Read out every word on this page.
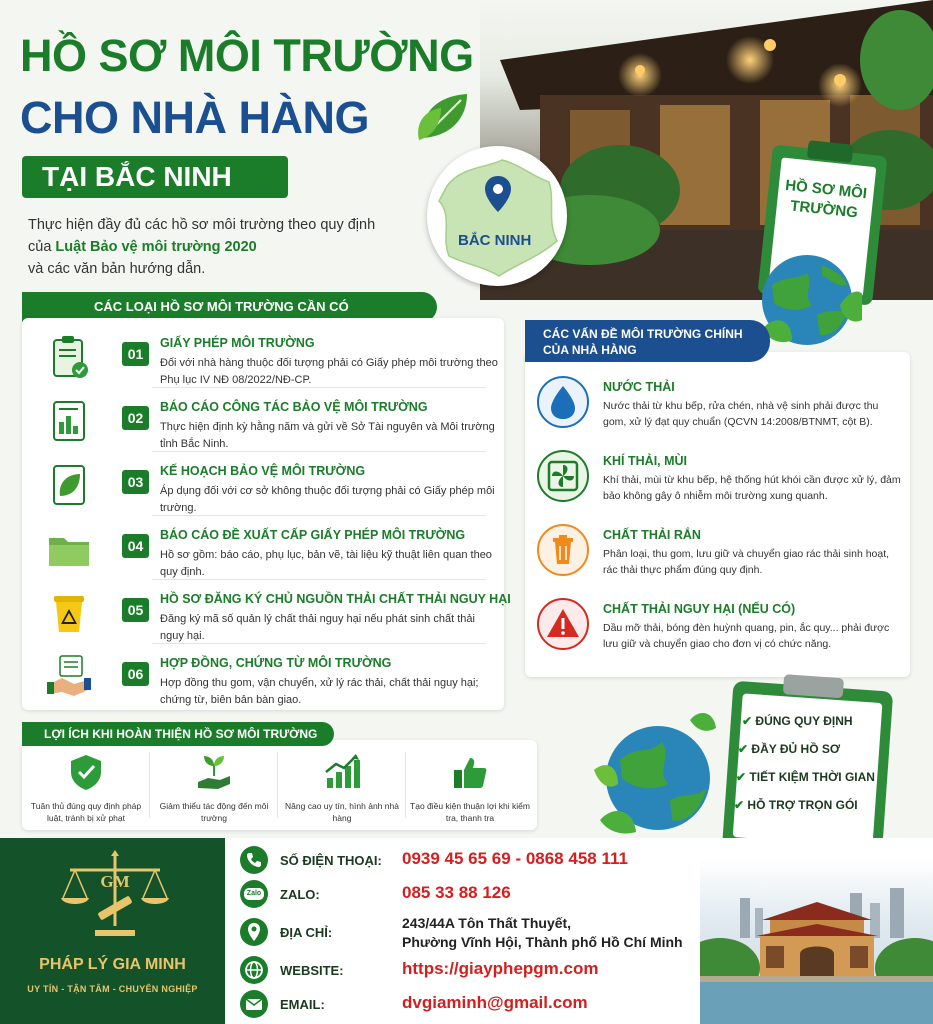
HỒ SƠ MÔI TRƯỜNG
CHO NHÀ HÀNG
TẠI BẮC NINH
Thực hiện đầy đủ các hồ sơ môi trường theo quy định
của Luật Bảo vệ môi trường 2020
và các văn bản hướng dẫn.
BẮC NINH
HỒ SƠ MÔI TRƯỜNG
CÁC LOẠI HỒ SƠ MÔI TRƯỜNG CẦN CÓ
01
GIẤY PHÉP MÔI TRƯỜNG
Đối với nhà hàng thuộc đối tượng phải có Giấy phép môi trường theo Phụ lục IV NĐ 08/2022/NĐ-CP.
02
BÁO CÁO CÔNG TÁC BẢO VỆ MÔI TRƯỜNG
Thực hiện định kỳ hằng năm và gửi về Sở Tài nguyên và Môi trường tỉnh Bắc Ninh.
03
KẾ HOẠCH BẢO VỆ MÔI TRƯỜNG
Áp dụng đối với cơ sở không thuộc đối tượng phải có Giấy phép môi trường.
04
BÁO CÁO ĐỀ XUẤT CẤP GIẤY PHÉP MÔI TRƯỜNG
Hồ sơ gồm: báo cáo, phụ lục, bản vẽ, tài liệu kỹ thuật liên quan theo quy định.
05
HỒ SƠ ĐĂNG KÝ CHỦ NGUỒN THẢI CHẤT THẢI NGUY HẠI
Đăng ký mã số quản lý chất thải nguy hại nếu phát sinh chất thải nguy hại.
06
HỢP ĐỒNG, CHỨNG TỪ MÔI TRƯỜNG
Hợp đồng thu gom, vận chuyển, xử lý rác thải, chất thải nguy hại; chứng từ, biên bản bàn giao.
NƯỚC THẢI
Nước thải từ khu bếp, rửa chén, nhà vệ sinh phải được thu gom, xử lý đạt quy chuẩn (QCVN 14:2008/BTNMT, cột B).
KHÍ THẢI, MÙI
Khí thải, mùi từ khu bếp, hệ thống hút khói cần được xử lý, đảm bảo không gây ô nhiễm môi trường xung quanh.
CHẤT THẢI RẮN
Phân loại, thu gom, lưu giữ và chuyển giao rác thải sinh hoạt, rác thải thực phẩm đúng quy định.
CHẤT THẢI NGUY HẠI (NẾU CÓ)
Dầu mỡ thải, bóng đèn huỳnh quang, pin, ắc quy... phải được lưu giữ và chuyển giao cho đơn vị có chức năng.
CÁC VẤN ĐỀ MÔI TRƯỜNG CHÍNH
CỦA NHÀ HÀNG
Tuân thủ đúng quy định pháp luật, tránh bị xử phạt
Giảm thiểu tác động đến môi trường
Nâng cao uy tín, hình ảnh nhà hàng
Tạo điều kiện thuận lợi khi kiểm tra, thanh tra
LỢI ÍCH KHI HOÀN THIỆN HỒ SƠ MÔI TRƯỜNG
✔ ĐÚNG QUY ĐỊNH
✔ ĐẦY ĐỦ HỒ SƠ
✔ TIẾT KIỆM THỜI GIAN
✔ HỖ TRỢ TRỌN GÓI
GM
PHÁP LÝ GIA MINH
UY TÍN - TẬN TÂM - CHUYÊN NGHIỆP
SỐ ĐIỆN THOẠI: 0939 45 65 69 - 0868 458 111
Zalo ZALO:	085 33 88 126
ĐỊA CHỈ:
243/44A Tôn Thất Thuyết,
Phường Vĩnh Hội, Thành phố Hồ Chí Minh
WEBSITE:	https://giayphepgm.com
EMAIL:	dvgiaminh@gmail.com
